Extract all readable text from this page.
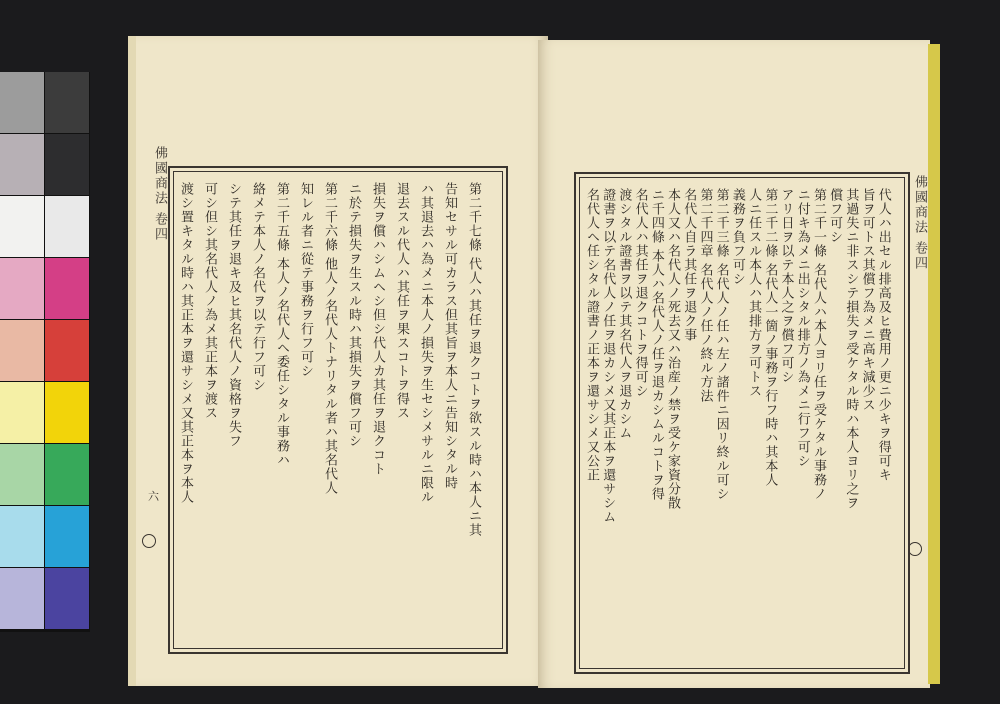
佛國商法 卷四	第二千七條 代人ハ其任ヲ退クコトヲ欲スル時ハ本人ニ其
告知セサル可カラス但其旨ヲ本人ニ告知シタル時
ハ其退去ハ為メニ本人ノ損失ヲ生セシメサルニ限ル
退去スル代人ハ其任ヲ果スコトヲ得ス
損失ヲ償ハシムヘシ但シ代人カ其任ヲ退クコト
ニ於テ損失ヲ生スル時ハ其損失ヲ償フ可シ
第二千六條 他人ノ名代人トナリタル者ハ其名代人
知レル者ニ從テ事務ヲ行フ可シ
第二千五條 本人ノ名代人ヘ委任シタル事務ハ
絡メテ本人ノ名代ヲ以テ行フ可シ
シテ其任ヲ退キ及ヒ其名代人ノ資格ヲ失フ
可シ但シ其名代人ノ為メ其正本ヲ渡ス
渡シ置キタル時ハ其正本ヲ還サシメ又其正本ヲ本人
六
佛國商法 卷四
代人ハ出セル排高及ヒ費用ノ更ニ少キヲ得可キ
旨ヲ可トス其償フ為メニ高キ減少ス
其過失ニ非スシテ損失ヲ受ケタル時ハ本人ヨリ之ヲ
償フ可シ
第二千一條 名代人ハ本人ヨリ任ヲ受ケタル事務ノ
ニ付キ為メニ出シタル排方ノ為メニ行フ可シ
アリ日ヲ以テ本人之ヲ償フ可シ
第二千二條 名代人一箇ノ事務ヲ行フ時ハ其本人
人ニ任スル本人ハ其排方ヲ可トス
義務ヲ負フ可シ
第二千三條 名代人ノ任ハ左ノ諸件ニ因リ終ル可シ
第二千四章 名代人ノ任ノ終ル方法
名代人自ラ其任ヲ退ク事
本人又ハ名代人ノ死去又ハ治産ノ禁ヲ受ケ家資分散
ニ千四條 本人ハ名代人ノ任ヲ退カシムルコトヲ得
名代人ハ其任ヲ退クコトヲ得可シ
渡シタル證書ヲ以テ其名代人ヲ退カシム
證書ヲ以テ名代人ノ任ヲ退カシメ又其正本ヲ還サシム
名代人ヘ任シタル證書ノ正本ヲ還サシメ又公正
